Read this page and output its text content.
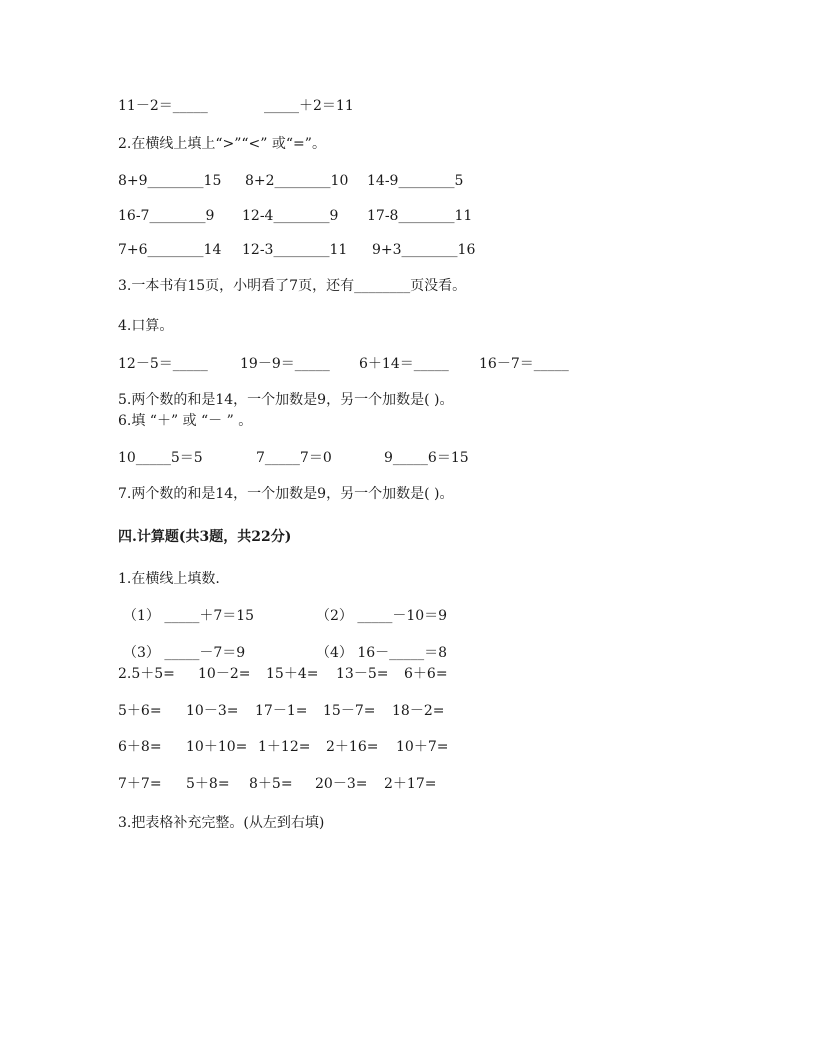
11－2＝_____	_____＋2＝11
2.在横线上填上“>”“<” 或“=”。
8+9________15 8+2________10 14-9________5
16-7________9 12-4________9 17-8________11
7+6________14 12-3________11 9+3________16
3.一本书有15页，小明看了7页，还有________页没看。
4.口算。
12－5＝_____ 19－9＝_____ 6＋14＝_____ 16－7＝_____
5.两个数的和是14，一个加数是9，另一个加数是( )。
6.填 “＋” 或 “－ ” 。
10_____5＝5	7_____7＝0	9_____6＝15
7.两个数的和是14，一个加数是9，另一个加数是( )。
四.计算题(共3题，共22分)
1.在横线上填数.
（1） _____＋7＝15	（2） _____－10＝9
（3） _____－7＝9	（4） 16－_____＝8
2.5＋5= 10－2= 15＋4= 13－5= 6＋6=
5＋6= 10－3= 17－1= 15－7= 18－2=
6＋8= 10＋10= 1＋12= 2＋16= 10＋7=
7＋7= 5＋8= 8＋5= 20－3= 2＋17=
3.把表格补充完整。(从左到右填)
